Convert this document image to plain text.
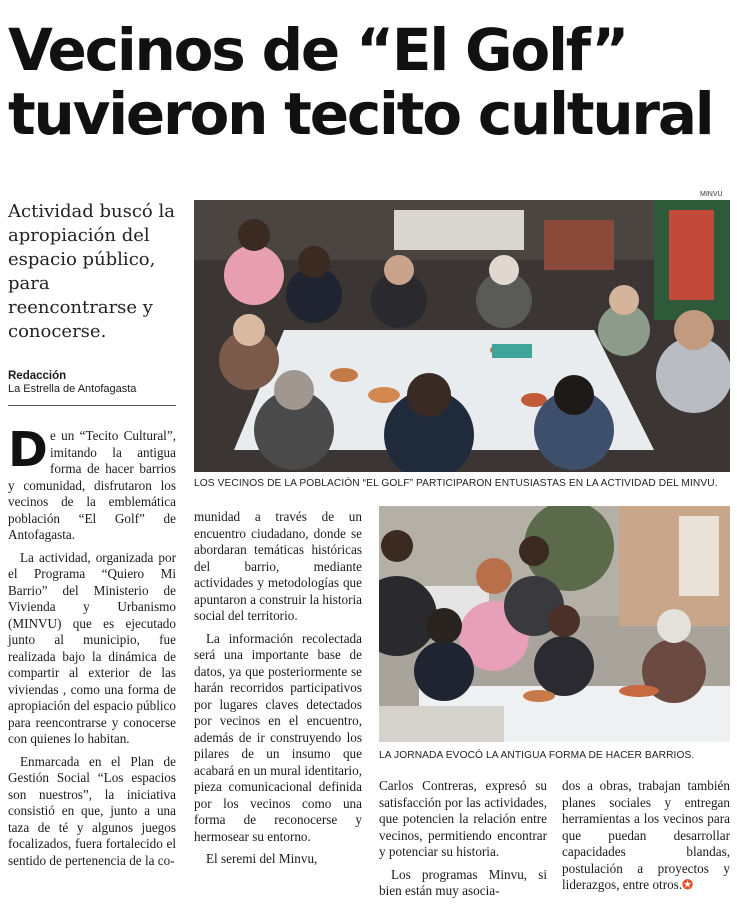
Vecinos de “El Golf”
tuvieron tecito cultural

Actividad buscó la apropiación del espacio público, para reencontrarse y conocerse.

Redacción
La Estrella de Antofagasta
MINVU
LOS VECINOS DE LA POBLACIÓN “EL GOLF” PARTICIPARON ENTUSIASTAS EN LA ACTIVIDAD DEL MINVU.
LA JORNADA EVOCÓ LA ANTIGUA FORMA DE HACER BARRIOS.

De un “Tecito Cultural”, imitando la antigua forma de hacer barrios y comunidad, disfrutaron los vecinos de la emblemática población “El Golf” de Antofagasta.

La actividad, organizada por el Programa “Quiero Mi Barrio” del Ministerio de Vivienda y Urbanismo (MINVU) que es ejecutado junto al municipio, fue realizada bajo la dinámica de compartir al exterior de las viviendas , como una forma de apropiación del espacio público para reencontrarse y conocerse con quienes lo habitan.

Enmarcada en el Plan de Gestión Social “Los espacios son nuestros”, la iniciativa consistió en que, junto a una taza de té y algunos juegos focalizados, fuera fortalecido el sentido de pertenencia de la co-

munidad a través de un encuentro ciudadano, donde se abordaran temáticas históricas del barrio, mediante actividades y metodologías que apuntaron a construir la historia social del territorio.

La información recolectada será una importante base de datos, ya que posteriormente se harán recorridos participativos por lugares claves detectados por vecinos en el encuentro, además de ir construyendo los pilares de un insumo que acabará en un mural identitario, pieza comunicacional definida por los vecinos como una forma de reconocerse y hermosear su entorno.

El seremi del Minvu,

Carlos Contreras, expresó su satisfacción por las actividades, que potencien la relación entre vecinos, permitiendo encontrar y potenciar su historia.

Los programas Minvu, si bien están muy asocia-

dos a obras, trabajan también planes sociales y entregan herramientas a los vecinos para que puedan desarrollar capacidades blandas, postulación a proyectos y liderazgos, entre otros.✪
